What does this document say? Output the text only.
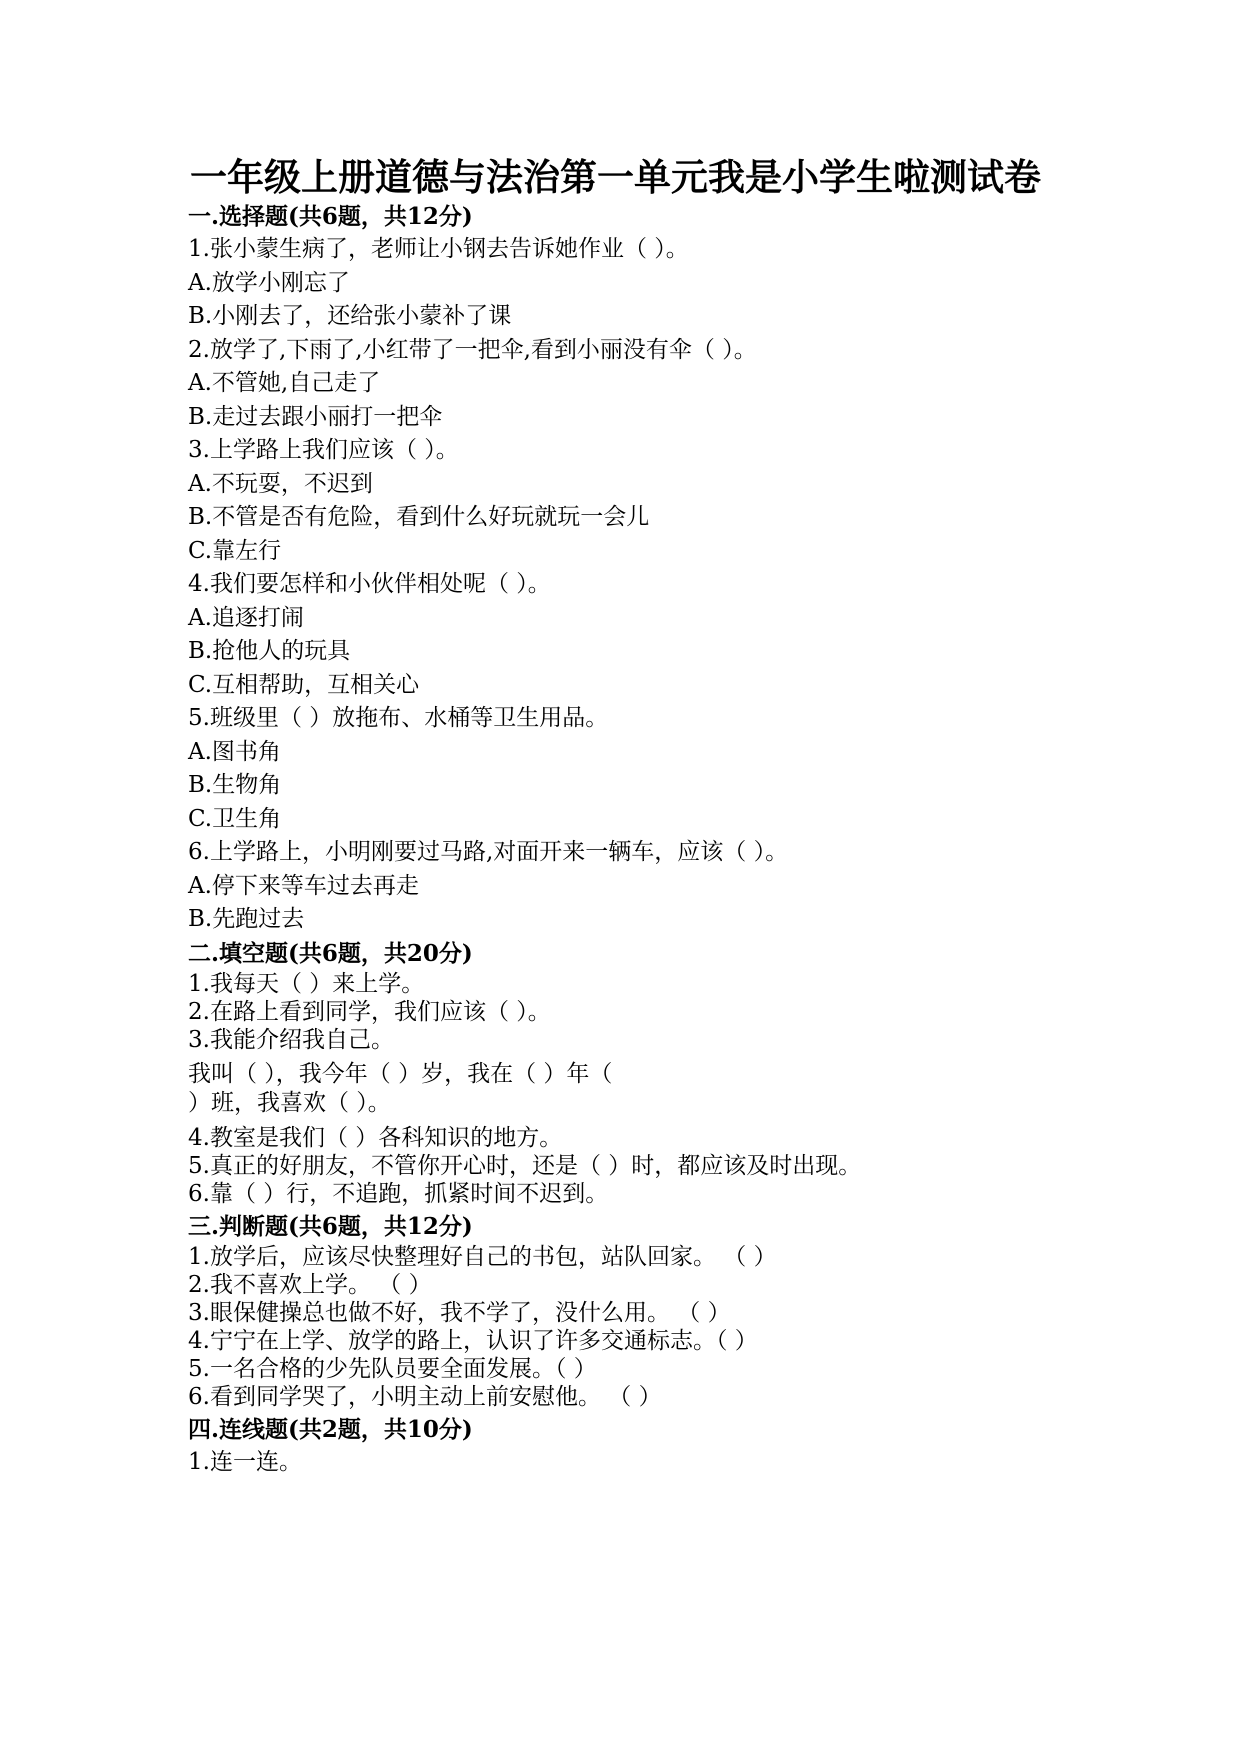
一年级上册道德与法治第一单元我是小学生啦测试卷
一.选择题(共6题，共12分)
1.张小蒙生病了，老师让小钢去告诉她作业（ ）。
A.放学小刚忘了
B.小刚去了，还给张小蒙补了课
2.放学了,下雨了,小红带了一把伞,看到小丽没有伞（ ）。
A.不管她,自己走了
B.走过去跟小丽打一把伞
3.上学路上我们应该（ ）。
A.不玩耍，不迟到
B.不管是否有危险，看到什么好玩就玩一会儿
C.靠左行
4.我们要怎样和小伙伴相处呢（ ）。
A.追逐打闹
B.抢他人的玩具
C.互相帮助，互相关心
5.班级里（ ）放拖布、水桶等卫生用品。
A.图书角
B.生物角
C.卫生角
6.上学路上，小明刚要过马路,对面开来一辆车，应该（ ）。
A.停下来等车过去再走
B.先跑过去
二.填空题(共6题，共20分)
1.我每天（ ）来上学。
2.在路上看到同学，我们应该（ ）。
3.我能介绍我自己。
我叫（ ），我今年（ ）岁，我在（ ）年（
）班，我喜欢（ ）。
4.教室是我们（ ）各科知识的地方。
5.真正的好朋友，不管你开心时，还是（ ）时，都应该及时出现。
6.靠（ ）行，不追跑，抓紧时间不迟到。
三.判断题(共6题，共12分)
1.放学后，应该尽快整理好自己的书包，站队回家。 （ ）
2.我不喜欢上学。 （ ）
3.眼保健操总也做不好，我不学了，没什么用。 （ ）
4.宁宁在上学、放学的路上，认识了许多交通标志。（ ）
5.一名合格的少先队员要全面发展。（ ）
6.看到同学哭了，小明主动上前安慰他。 （ ）
四.连线题(共2题，共10分)
1.连一连。
